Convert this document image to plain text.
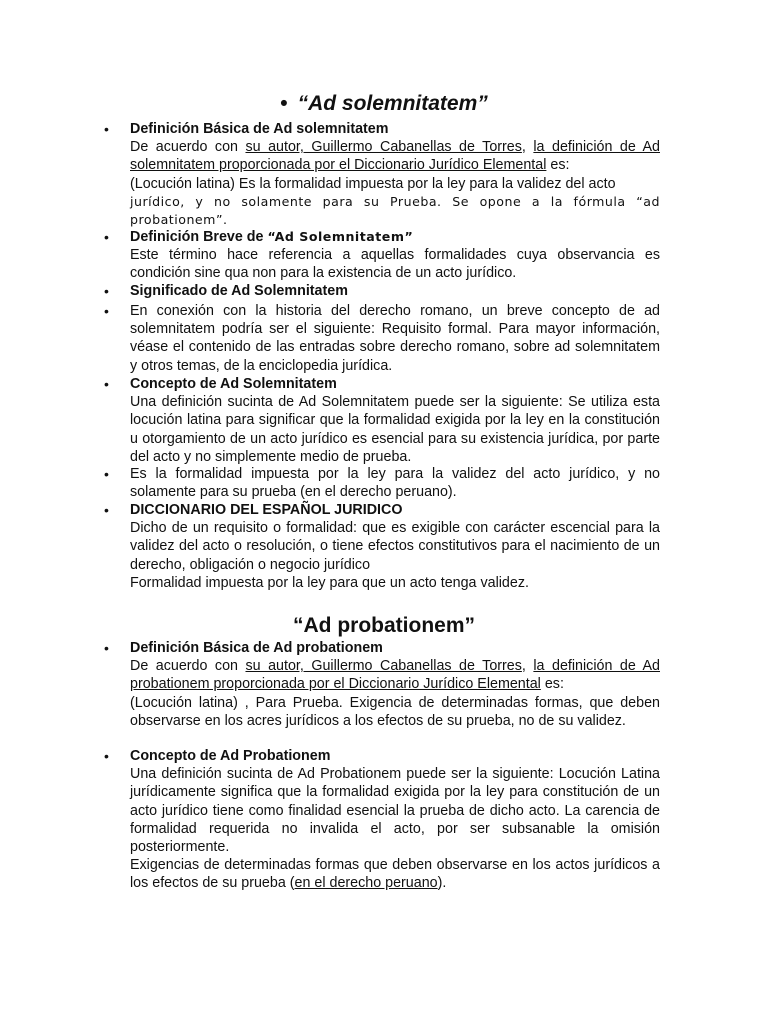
• “Ad solemnitatem”

• Definición Básica de Ad solemnitatem

De acuerdo con su autor, Guillermo Cabanellas de Torres, la definición de Ad solemnitatem proporcionada por el Diccionario Jurídico Elemental es:

(Locución latina) Es la formalidad impuesta por la ley para la validez del acto

jurídico, y no solamente para su Prueba. Se opone a la fórmula “ad probationem”.

• Definición Breve de “Ad Solemnitatem”

Este término hace referencia a aquellas formalidades cuya observancia es condición sine qua non para la existencia de un acto jurídico.

• Significado de Ad Solemnitatem

• En conexión con la historia del derecho romano, un breve concepto de ad solemnitatem podría ser el siguiente: Requisito formal. Para mayor información, véase el contenido de las entradas sobre derecho romano, sobre ad solemnitatem y otros temas, de la enciclopedia jurídica.

• Concepto de Ad Solemnitatem

Una definición sucinta de Ad Solemnitatem puede ser la siguiente: Se utiliza esta locución latina para significar que la formalidad exigida por la ley en la constitución u otorgamiento de un acto jurídico es esencial para su existencia jurídica, por parte del acto y no simplemente medio de prueba.

• Es la formalidad impuesta por la ley para la validez del acto jurídico, y no solamente para su prueba (en el derecho peruano).

• DICCIONARIO DEL ESPAÑOL JURIDICO

Dicho de un requisito o formalidad: que es exigible con carácter escencial para la validez del acto o resolución, o tiene efectos constitutivos para el nacimiento de un derecho, obligación o negocio jurídico

Formalidad impuesta por la ley para que un acto tenga validez.

“Ad probationem”

• Definición Básica de Ad probationem

De acuerdo con su autor, Guillermo Cabanellas de Torres, la definición de Ad probationem proporcionada por el Diccionario Jurídico Elemental es:

(Locución latina) , Para Prueba. Exigencia de determinadas formas, que deben observarse en los acres jurídicos a los efectos de su prueba, no de su validez.

• Concepto de Ad Probationem

Una definición sucinta de Ad Probationem puede ser la siguiente: Locución Latina jurídicamente significa que la formalidad exigida por la ley para constitución de un acto jurídico tiene como finalidad esencial la prueba de dicho acto. La carencia de formalidad requerida no invalida el acto, por ser subsanable la omisión posteriormente.

Exigencias de determinadas formas que deben observarse en los actos jurídicos a los efectos de su prueba (en el derecho peruano).
